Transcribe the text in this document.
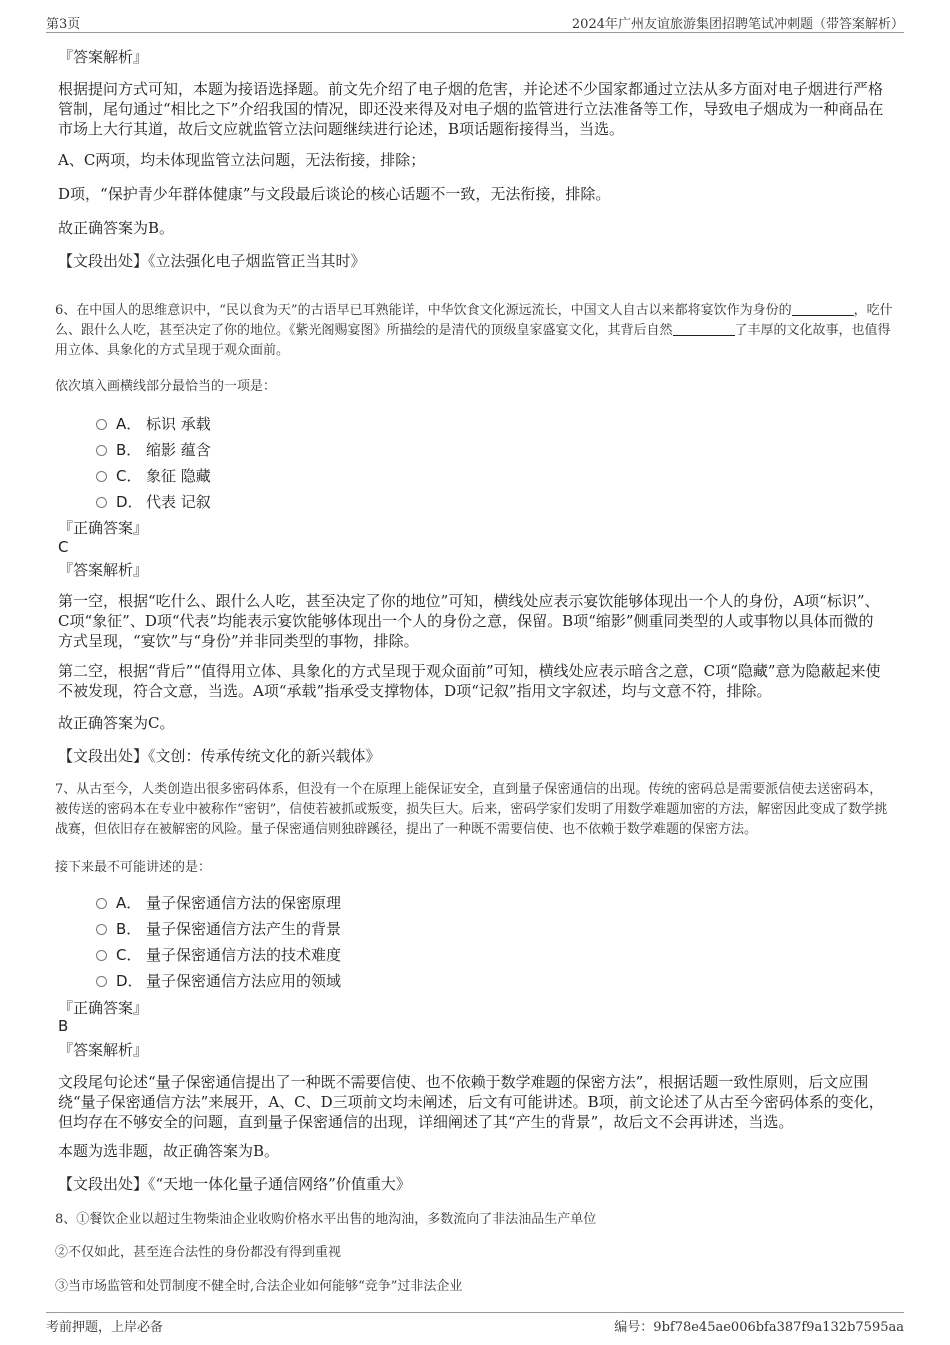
第3页	2024年广州友谊旅游集团招聘笔试冲刺题（带答案解析）
『答案解析』
根据提问方式可知，本题为接语选择题。前文先介绍了电子烟的危害，并论述不少国家都通过立法从多方面对电子烟进行严格管制，尾句通过“相比之下”介绍我国的情况，即还没来得及对电子烟的监管进行立法准备等工作，导致电子烟成为一种商品在市场上大行其道，故后文应就监管立法问题继续进行论述，B项话题衔接得当，当选。
A、C两项，均未体现监管立法问题，无法衔接，排除；
D项，“保护青少年群体健康”与文段最后谈论的核心话题不一致，无法衔接，排除。
故正确答案为B。
【文段出处】《立法强化电子烟监管正当其时》
6、在中国人的思维意识中，“民以食为天”的古语早已耳熟能详，中华饮食文化源远流长，中国文人自古以来都将宴饮作为身份的	，吃什么、跟什么人吃，甚至决定了你的地位。《紫光阁赐宴图》所描绘的是清代的顶级皇家盛宴文化，其背后自然	了丰厚的文化故事，也值得用立体、具象化的方式呈现于观众面前。
依次填入画横线部分最恰当的一项是：
A． 标识 承载
B． 缩影 蕴含
C． 象征 隐藏
D． 代表 记叙
『正确答案』
C
『答案解析』
第一空，根据“吃什么、跟什么人吃，甚至决定了你的地位”可知，横线处应表示宴饮能够体现出一个人的身份，A项“标识”、C项“象征”、D项“代表”均能表示宴饮能够体现出一个人的身份之意，保留。B项“缩影”侧重同类型的人或事物以具体而微的方式呈现，“宴饮”与“身份”并非同类型的事物，排除。
第二空，根据“背后”“值得用立体、具象化的方式呈现于观众面前”可知，横线处应表示暗含之意，C项“隐藏”意为隐蔽起来使不被发现，符合文意，当选。A项“承载”指承受支撑物体，D项“记叙”指用文字叙述，均与文意不符，排除。
故正确答案为C。
【文段出处】《文创：传承传统文化的新兴载体》
7、从古至今，人类创造出很多密码体系，但没有一个在原理上能保证安全，直到量子保密通信的出现。传统的密码总是需要派信使去送密码本，被传送的密码本在专业中被称作“密钥”，信使若被抓或叛变，损失巨大。后来，密码学家们发明了用数学难题加密的方法，解密因此变成了数学挑战赛，但依旧存在被解密的风险。量子保密通信则独辟蹊径，提出了一种既不需要信使、也不依赖于数学难题的保密方法。
接下来最不可能讲述的是：
A． 量子保密通信方法的保密原理
B． 量子保密通信方法产生的背景
C． 量子保密通信方法的技术难度
D． 量子保密通信方法应用的领域
『正确答案』
B
『答案解析』
文段尾句论述“量子保密通信提出了一种既不需要信使、也不依赖于数学难题的保密方法”，根据话题一致性原则，后文应围绕“量子保密通信方法”来展开，A、C、D三项前文均未阐述，后文有可能讲述。B项，前文论述了从古至今密码体系的变化，但均存在不够安全的问题，直到量子保密通信的出现，详细阐述了其“产生的背景”，故后文不会再讲述，当选。
本题为选非题，故正确答案为B。
【文段出处】《“天地一体化量子通信网络”价值重大》
8、①餐饮企业以超过生物柴油企业收购价格水平出售的地沟油，多数流向了非法油品生产单位
②不仅如此，甚至连合法性的身份都没有得到重视
③当市场监管和处罚制度不健全时,合法企业如何能够“竞争”过非法企业
考前押题，上岸必备	编号：9bf78e45ae006bfa387f9a132b7595aa
